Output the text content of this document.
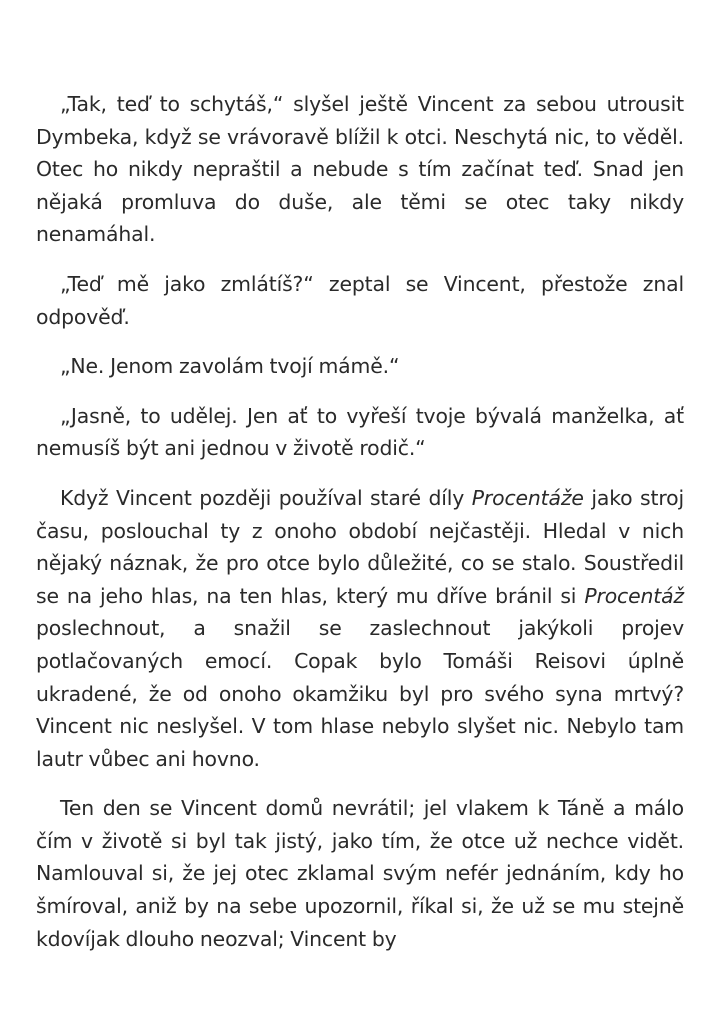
„Tak, teď to schytáš,“ slyšel ještě Vincent za sebou utrousit Dymbeka, když se vrávoravě blížil k otci. Neschytá nic, to věděl. Otec ho nikdy nepraštil a nebude s tím začínat teď. Snad jen nějaká promluva do duše, ale těmi se otec taky nikdy nenamáhal.

„Teď mě jako zmlátíš?“ zeptal se Vincent, přestože znal odpověď.

„Ne. Jenom zavolám tvojí mámě.“

„Jasně, to udělej. Jen ať to vyřeší tvoje bývalá manželka, ať nemusíš být ani jednou v životě rodič.“

Když Vincent později používal staré díly Procentáže jako stroj času, poslouchal ty z onoho období nejčastěji. Hledal v nich nějaký náznak, že pro otce bylo důležité, co se stalo. Soustředil se na jeho hlas, na ten hlas, který mu dříve bránil si Procentáž poslechnout, a snažil se zaslechnout jakýkoli projev potlačovaných emocí. Copak bylo Tomáši Reisovi úplně ukradené, že od onoho okamžiku byl pro svého syna mrtvý? Vincent nic neslyšel. V tom hlase nebylo slyšet nic. Nebylo tam lautr vůbec ani hovno.

Ten den se Vincent domů nevrátil; jel vlakem k Táně a málo čím v životě si byl tak jistý, jako tím, že otce už nechce vidět. Namlouval si, že jej otec zklamal svým nefér jednáním, kdy ho šmíroval, aniž by na sebe upozornil, říkal si, že už se mu stejně kdovíjak dlouho neozval; Vincent by
